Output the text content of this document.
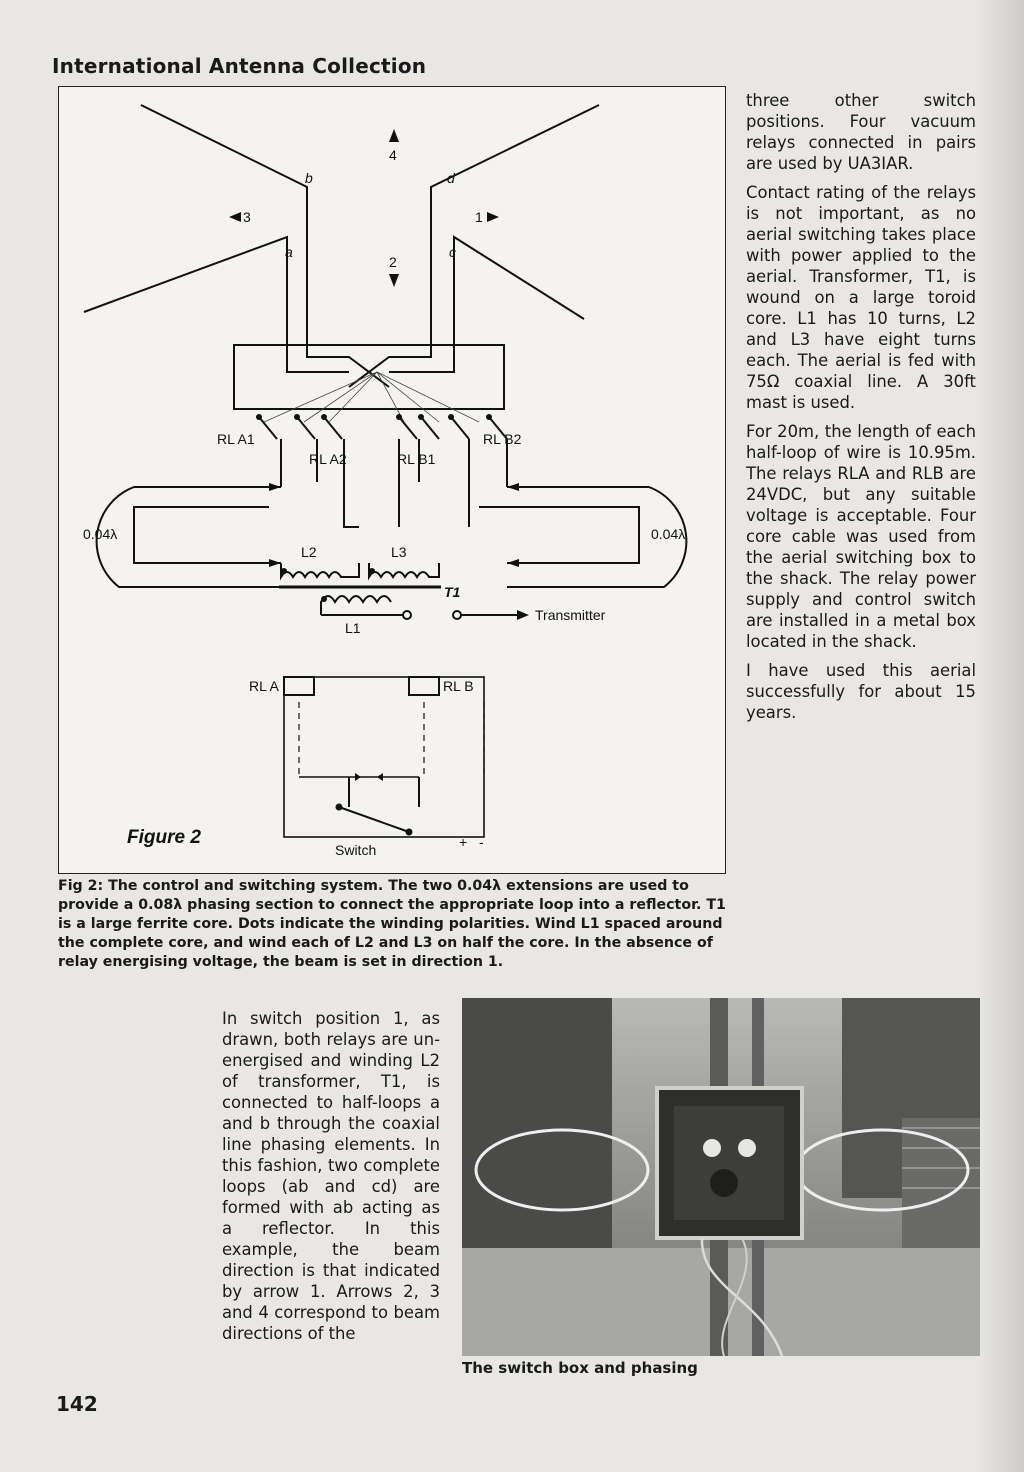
International Antenna Collection
b
a
d
c
4
2
3	1
RL A1
RL A2	RL B1
RL B2
0.04λ	0.04λ
L2	L3
T1
L1
Transmitter
RL A	RL B
Switch	+ -
Figure 2

three other switch positions. Four vacuum relays connected in pairs are used by UA3IAR.

Contact rating of the relays is not important, as no aerial switching takes place with power applied to the aerial. Transformer, T1, is wound on a large toroid core. L1 has 10 turns, L2 and L3 have eight turns each. The aerial is fed with 75Ω coaxial line. A 30ft mast is used.

For 20m, the length of each half-loop of wire is 10.95m. The relays RLA and RLB are 24VDC, but any suitable voltage is acceptable. Four core cable was used from the aerial switching box to the shack. The relay power supply and control switch are installed in a metal box located in the shack.

I have used this aerial successfully for about 15 years.

Fig 2: The control and switching system. The two 0.04λ extensions are used to provide a 0.08λ phasing section to connect the appropriate loop into a reflector. T1 is a large ferrite core. Dots indicate the winding polarities. Wind L1 spaced around the complete core, and wind each of L2 and L3 on half the core. In the absence of relay energising voltage, the beam is set in direction 1.

In switch position 1, as drawn, both relays are un-energised and winding L2 of transformer, T1, is connected to half-loops a and b through the coaxial line phasing elements. In this fashion, two complete loops (ab and cd) are formed with ab acting as a reflector. In this example, the beam direction is that indicated by arrow 1. Arrows 2, 3 and 4 correspond to beam directions of the

The switch box and phasing
142
